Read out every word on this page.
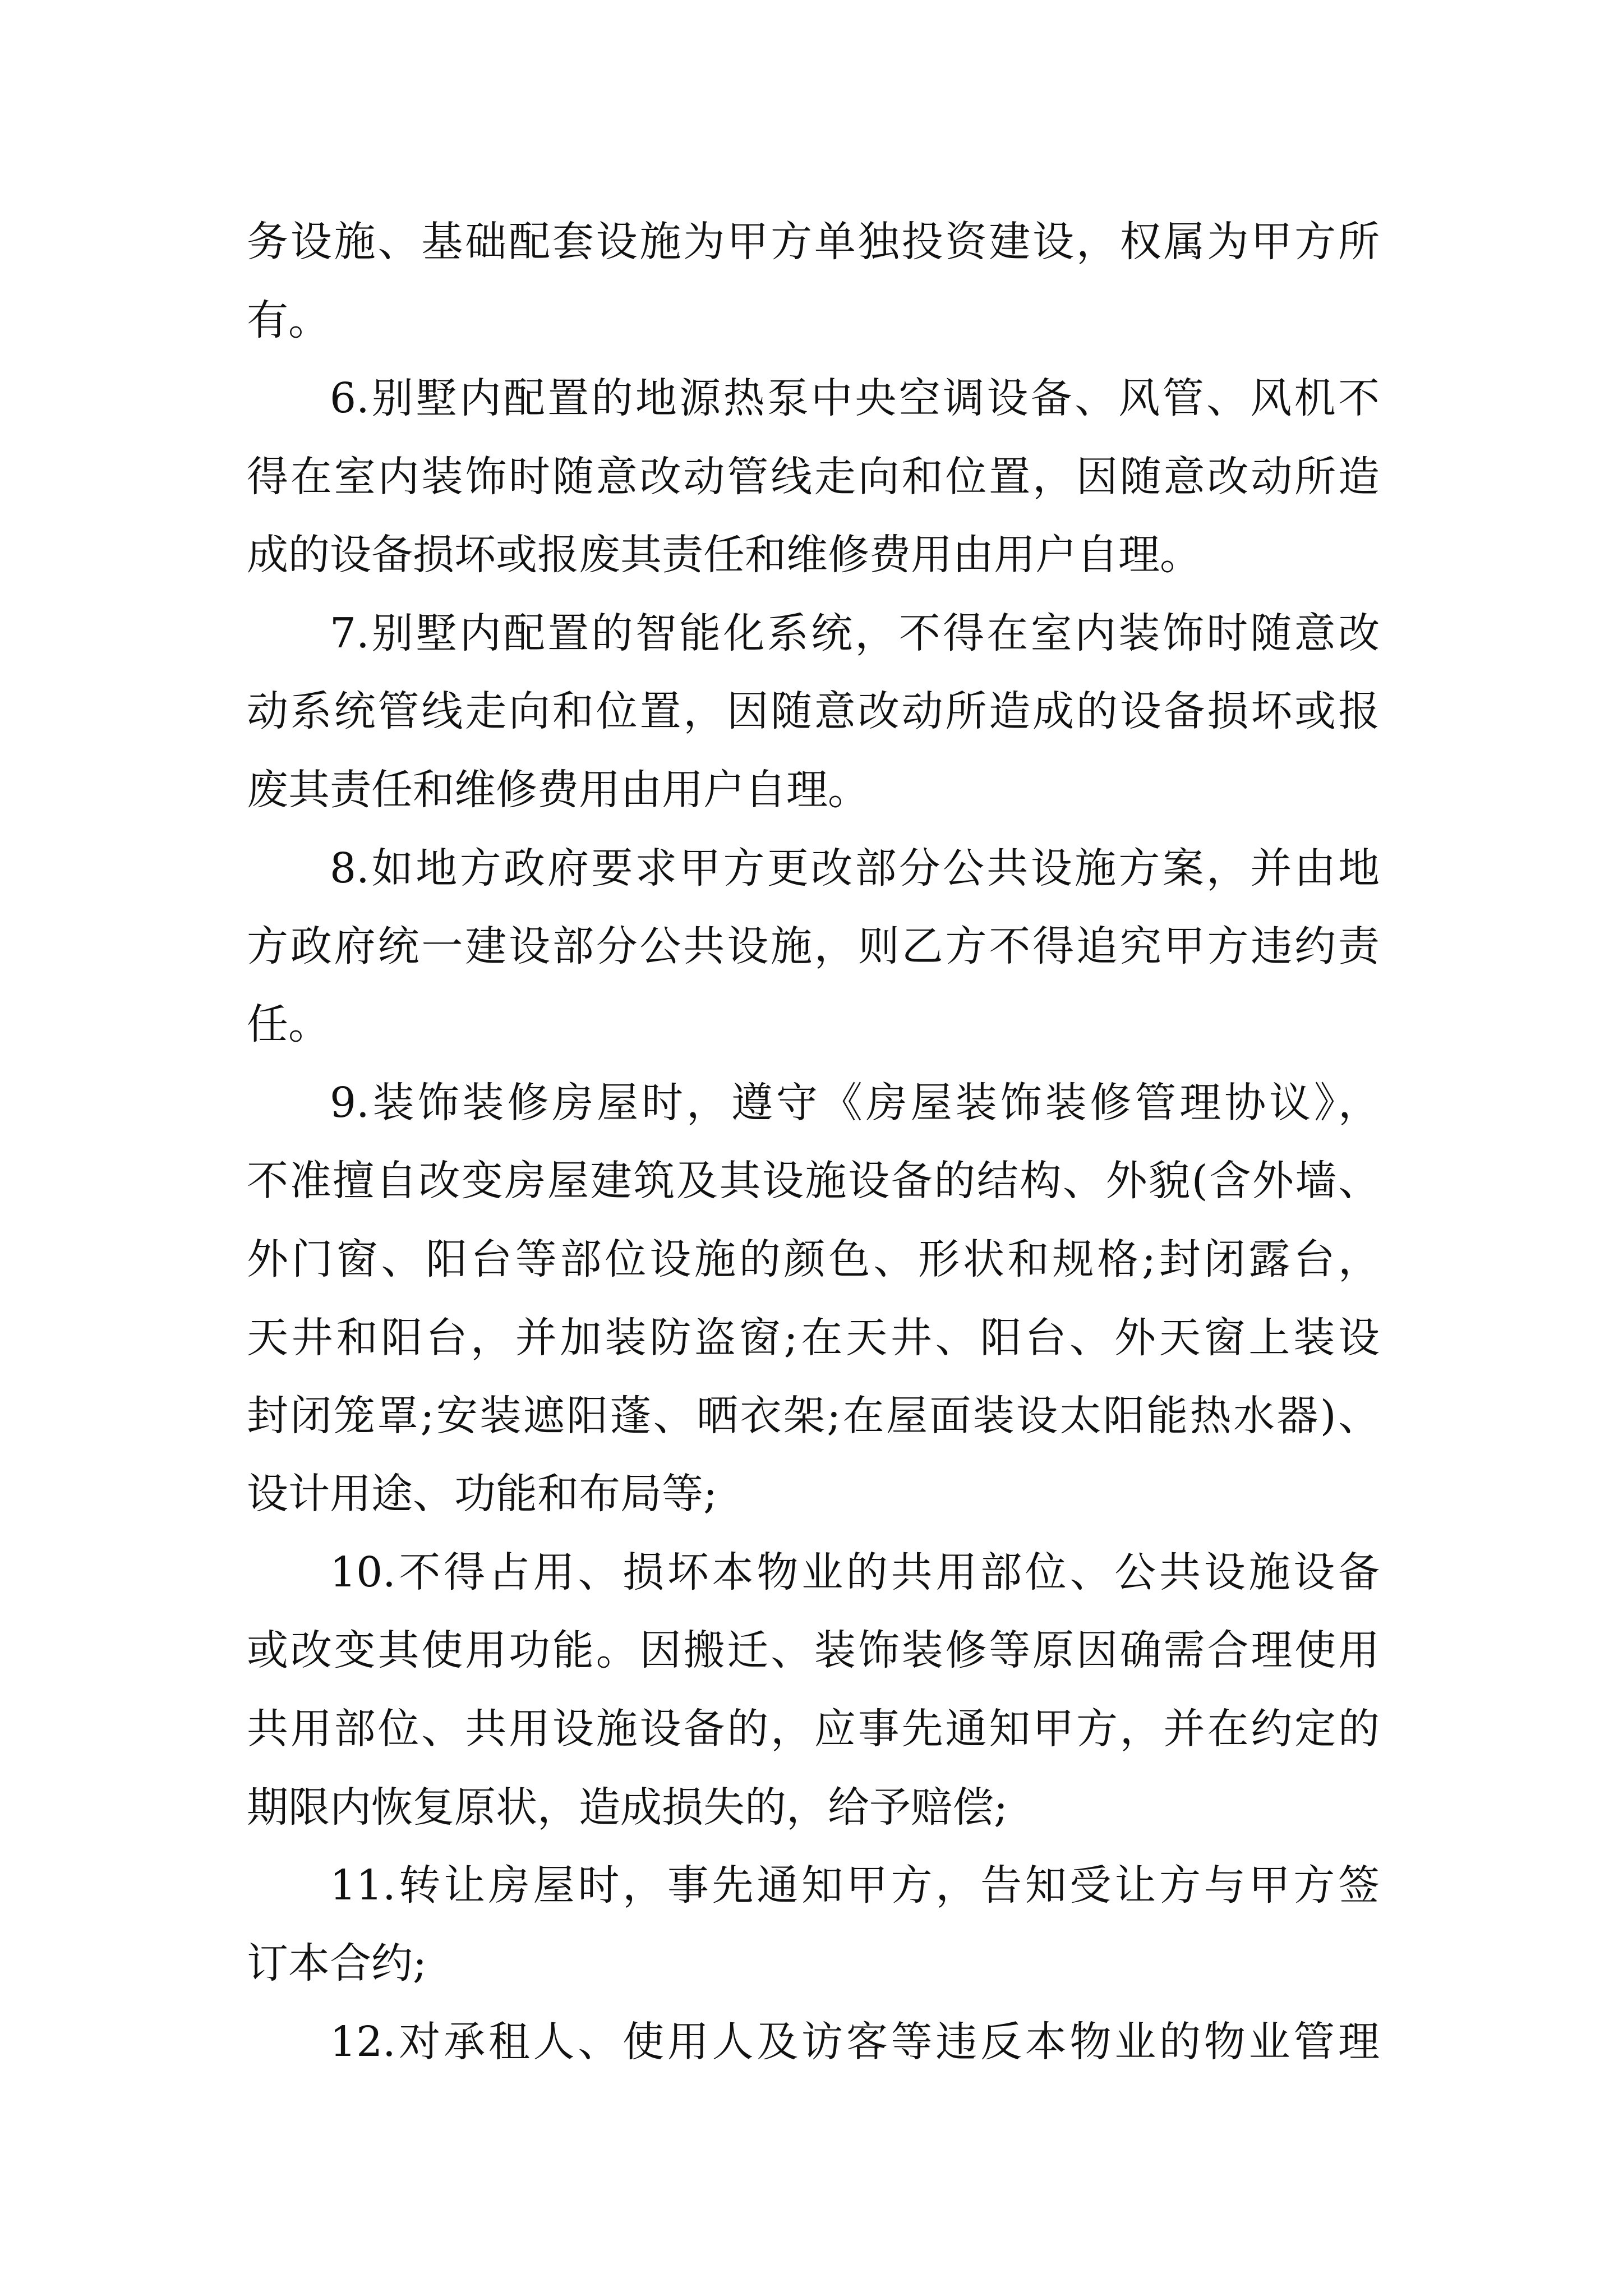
务设施、基础配套设施为甲方单独投资建设，权属为甲方所
有。
6.别墅内配置的地源热泵中央空调设备、风管、风机不
得在室内装饰时随意改动管线走向和位置，因随意改动所造
成的设备损坏或报废其责任和维修费用由用户自理。
7.别墅内配置的智能化系统，不得在室内装饰时随意改
动系统管线走向和位置，因随意改动所造成的设备损坏或报
废其责任和维修费用由用户自理。
8.如地方政府要求甲方更改部分公共设施方案，并由地
方政府统一建设部分公共设施，则乙方不得追究甲方违约责
任。
9.装饰装修房屋时，遵守《房屋装饰装修管理协议》，
不准擅自改变房屋建筑及其设施设备的结构、外貌(含外墙、
外门窗、阳台等部位设施的颜色、形状和规格;封闭露台，
天井和阳台，并加装防盗窗;在天井、阳台、外天窗上装设
封闭笼罩;安装遮阳蓬、晒衣架;在屋面装设太阳能热水器)、
设计用途、功能和布局等;
10.不得占用、损坏本物业的共用部位、公共设施设备
或改变其使用功能。因搬迁、装饰装修等原因确需合理使用
共用部位、共用设施设备的，应事先通知甲方，并在约定的
期限内恢复原状，造成损失的，给予赔偿;
11.转让房屋时，事先通知甲方，告知受让方与甲方签
订本合约;
12.对承租人、使用人及访客等违反本物业的物业管理
